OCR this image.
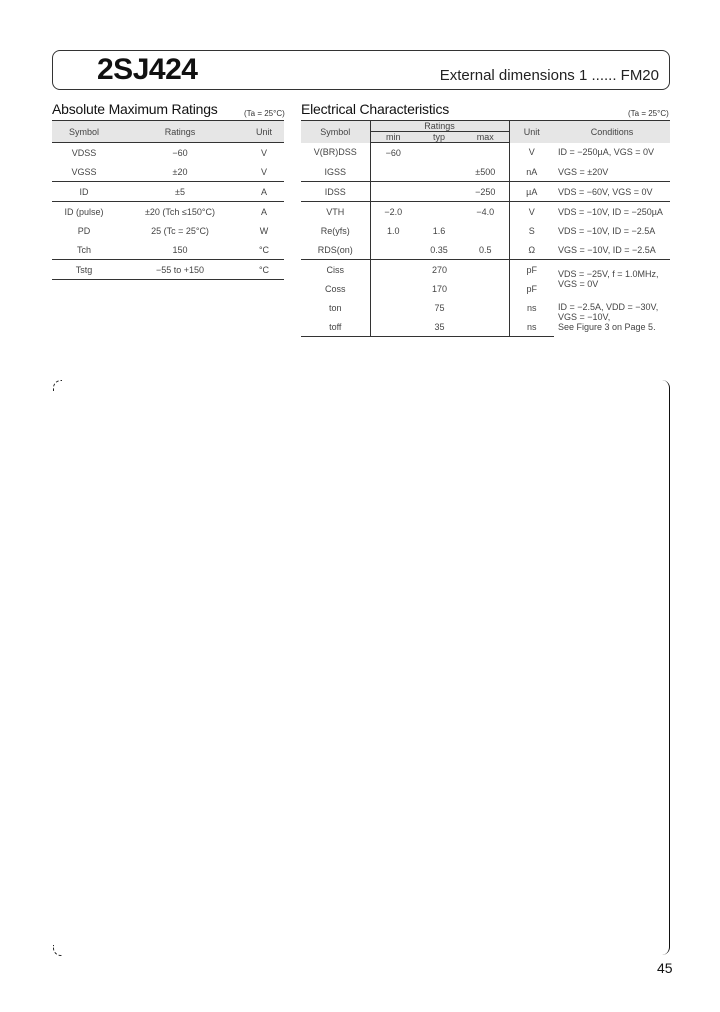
2SJ424	External dimensions 1 ...... FM20
Absolute Maximum Ratings	(Ta = 25°C)
Symbol	Ratings	Unit
VDSS	−60	V
VGSS	±20	V
ID	±5	A
ID (pulse)	±20 (Tch ≤150°C)	A
PD	25 (Tc = 25°C)	W
Tch	150	°C
Tstg	−55 to +150	°C
Electrical Characteristics	(Ta = 25°C)
Symbol	Ratings			Unit	Conditions
	min	typ	max		
V(BR)DSS	−60			V	ID = −250µA, VGS = 0V
IGSS			±500	nA	VGS = ±20V
IDSS			−250	µA	VDS = −60V, VGS = 0V
VTH	−2.0		−4.0	V	VDS = −10V, ID = −250µA
Re(yfs)	1.0	1.6		S	VDS = −10V, ID = −2.5A
RDS(on)		0.35	0.5	Ω	VGS = −10V, ID = −2.5A
Ciss	270			pF	VDS = −25V, f = 1.0MHz,
VGS = 0V

Coss	170			pF	
ton	75			ns	ID = −2.5A, VDD = −30V,
VGS = −10V,
See Figure 3 on Page 5.

toff	35			ns	
45
